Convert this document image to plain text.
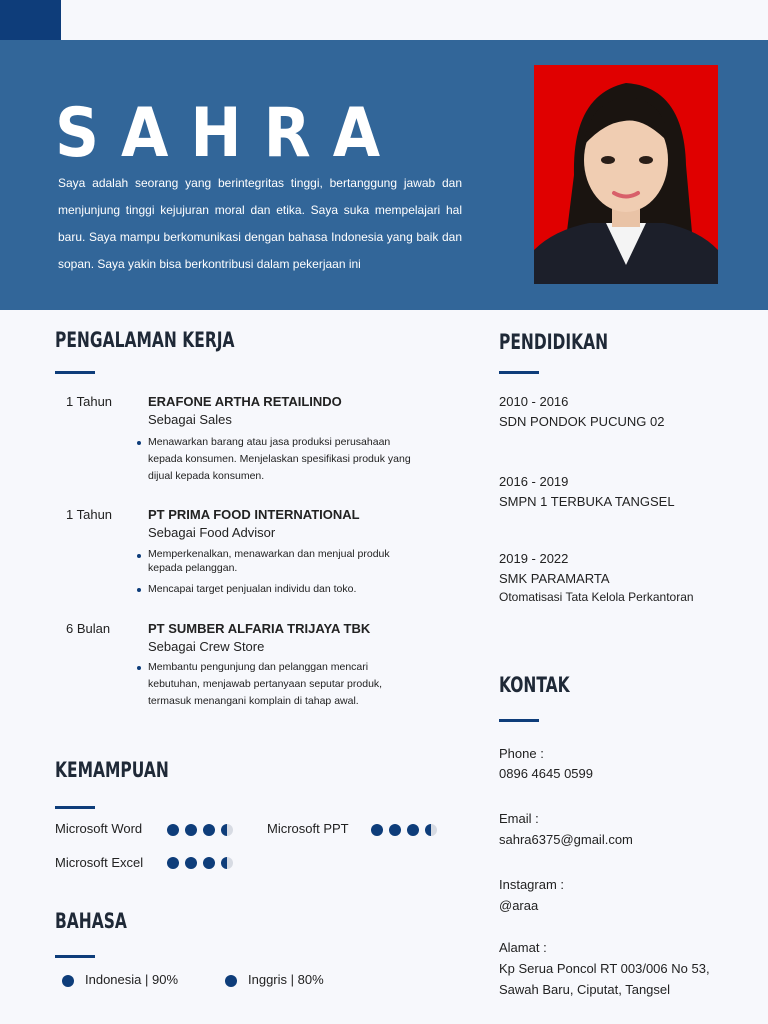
SAHRA

Saya adalah seorang yang berintegritas tinggi, bertanggung jawab dan menjunjung tinggi kejujuran moral dan etika. Saya suka mempelajari hal baru. Saya mampu berkomunikasi dengan bahasa Indonesia yang baik dan sopan. Saya yakin bisa berkontribusi dalam pekerjaan ini

PENGALAMAN KERJA
1 Tahun	ERAFONE ARTHA RETAILINDO
Sebagai Sales
Menawarkan barang atau jasa produksi perusahaan kepada konsumen. Menjelaskan spesifikasi produk yang dijual kepada konsumen.
1 Tahun	PT PRIMA FOOD INTERNATIONAL
Sebagai Food Advisor
Memperkenalkan, menawarkan dan menjual produk kepada pelanggan.
Mencapai target penjualan individu dan toko.
6 Bulan	PT SUMBER ALFARIA TRIJAYA TBK
Sebagai Crew Store
Membantu pengunjung dan pelanggan mencari kebutuhan, menjawab pertanyaan seputar produk, termasuk menangani komplain di tahap awal.
KEMAMPUAN
Microsoft Word	Microsoft PPT
Microsoft Excel
BAHASA
Indonesia | 90%	Inggris | 80%
PENDIDIKAN
2010 - 2016
SDN PONDOK PUCUNG 02
2016 - 2019
SMPN 1 TERBUKA TANGSEL
2019 - 2022
SMK PARAMARTA
Otomatisasi Tata Kelola Perkantoran
KONTAK
Phone :
0896 4645 0599
Email :
sahra6375@gmail.com
Instagram :
@araa
Alamat :
Kp Serua Poncol RT 003/006 No 53, Sawah Baru, Ciputat, Tangsel
